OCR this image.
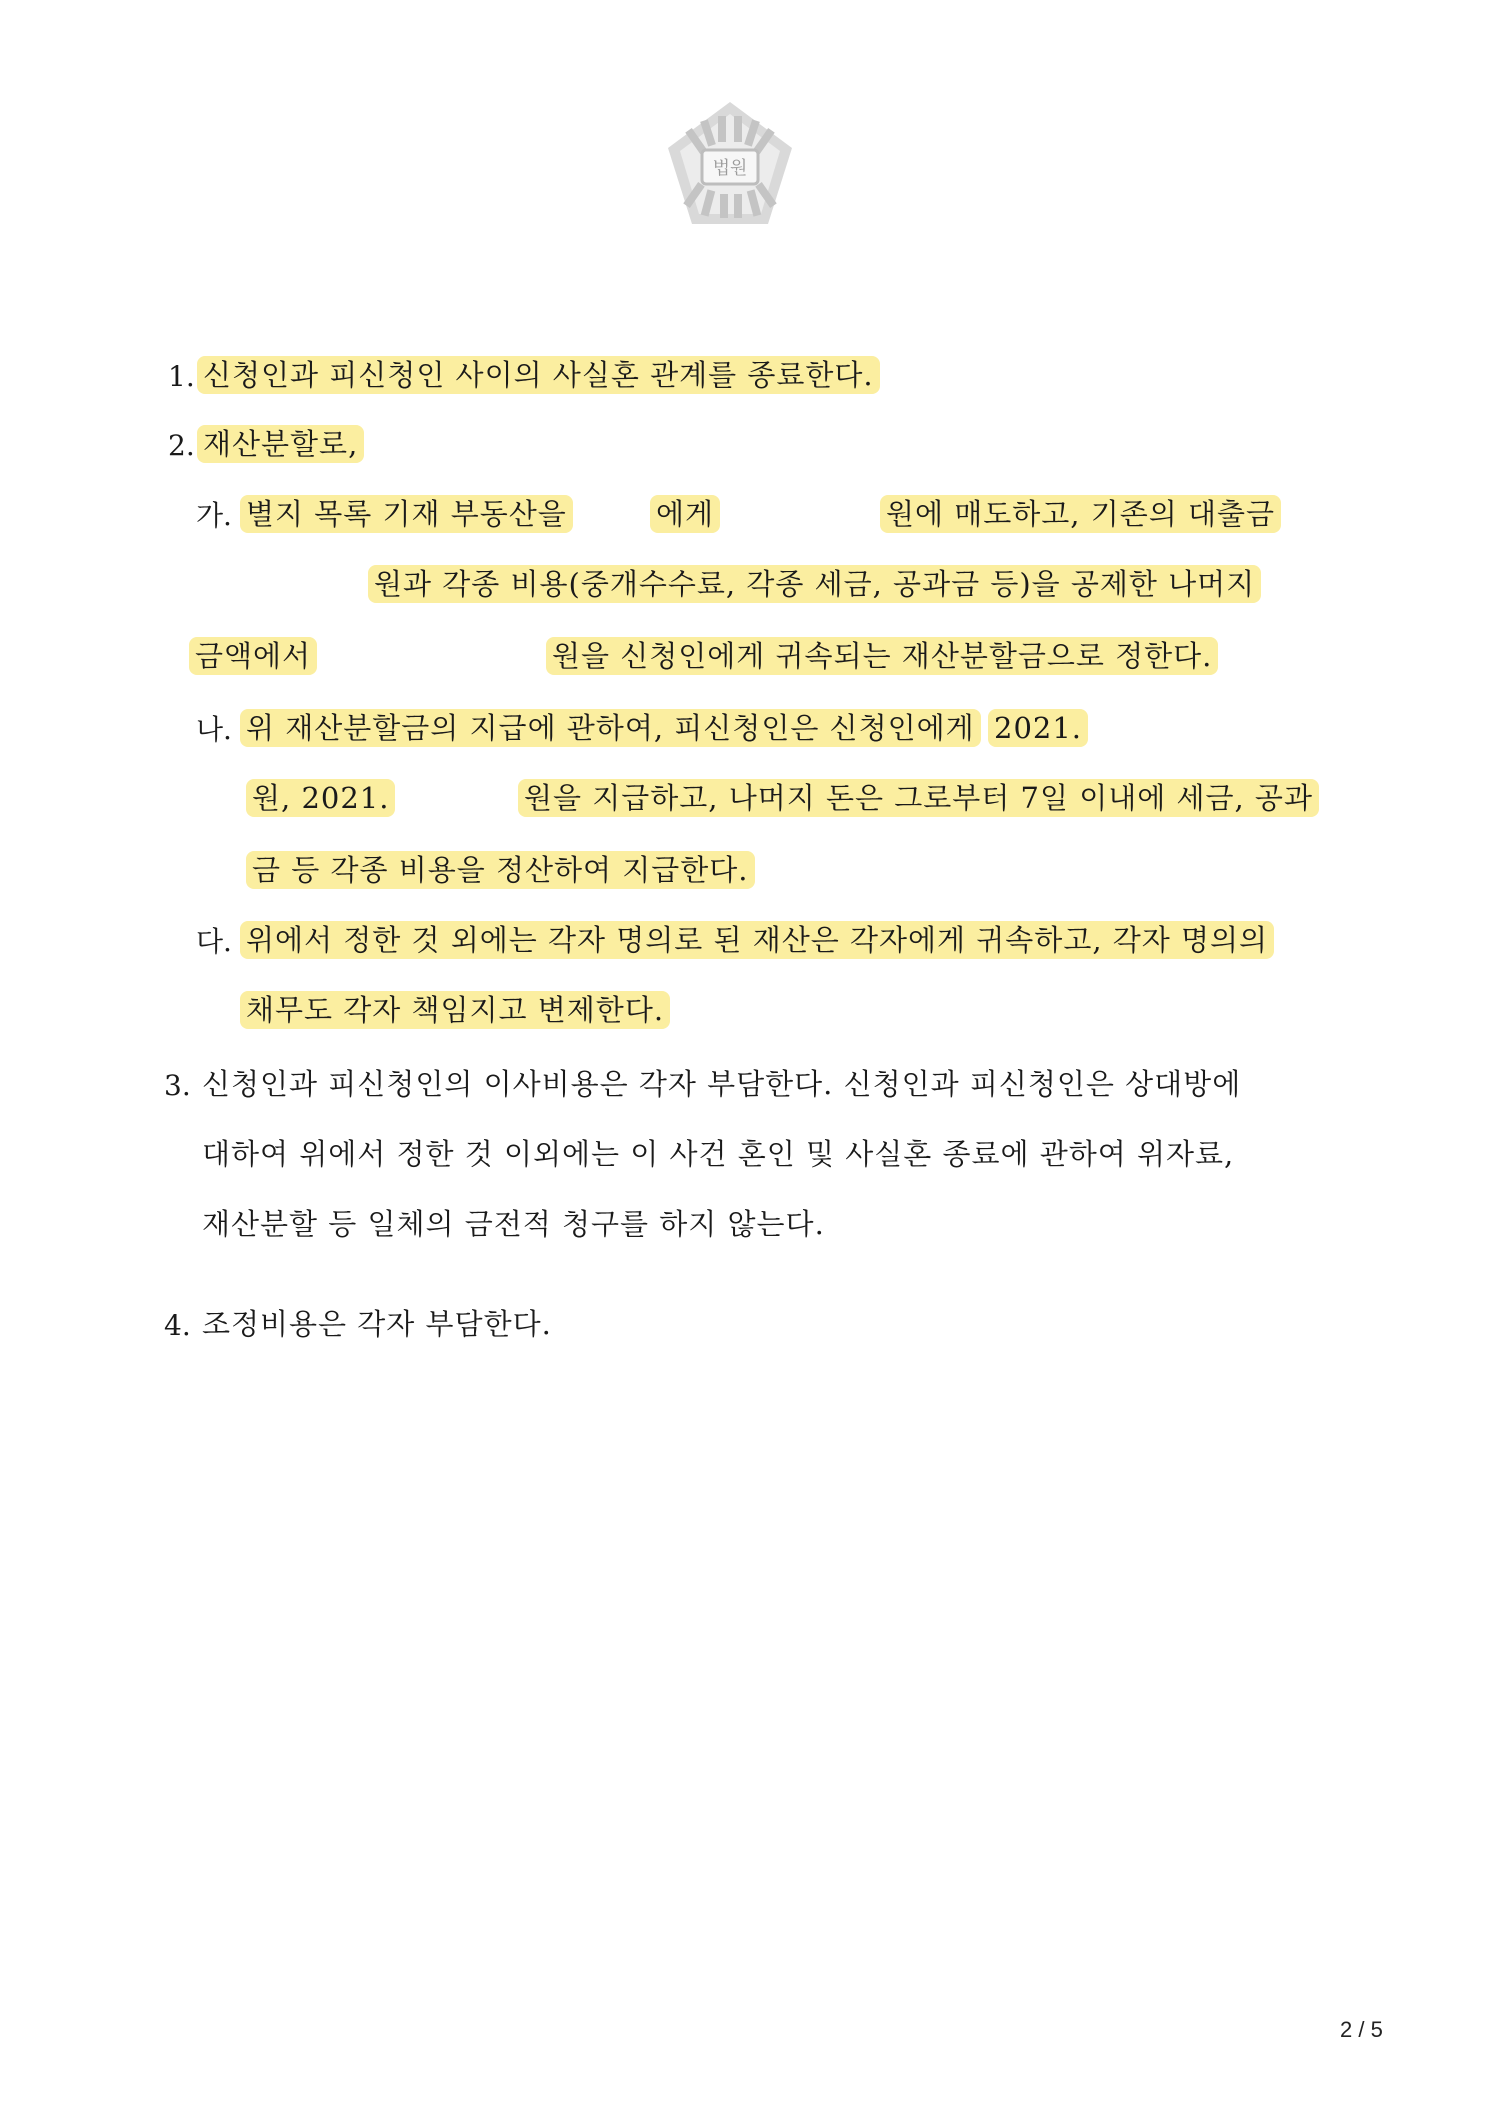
법원
1. 신청인과 피신청인 사이의 사실혼 관계를 종료한다.
2. 재산분할로,
가. 별지 목록 기재 부동산을	에게	원에 매도하고, 기존의 대출금
원과 각종 비용(중개수수료, 각종 세금, 공과금 등)을 공제한 나머지
금액에서	원을 신청인에게 귀속되는 재산분할금으로 정한다.
나. 위 재산분할금의 지급에 관하여, 피신청인은 신청인에게 2021.
원, 2021.	원을 지급하고, 나머지 돈은 그로부터 7일 이내에 세금, 공과
금 등 각종 비용을 정산하여 지급한다.
다. 위에서 정한 것 외에는 각자 명의로 된 재산은 각자에게 귀속하고, 각자 명의의
채무도 각자 책임지고 변제한다.
3. 신청인과 피신청인의 이사비용은 각자 부담한다. 신청인과 피신청인은 상대방에
대하여 위에서 정한 것 이외에는 이 사건 혼인 및 사실혼 종료에 관하여 위자료,
재산분할 등 일체의 금전적 청구를 하지 않는다.
4. 조정비용은 각자 부담한다.
2 / 5
